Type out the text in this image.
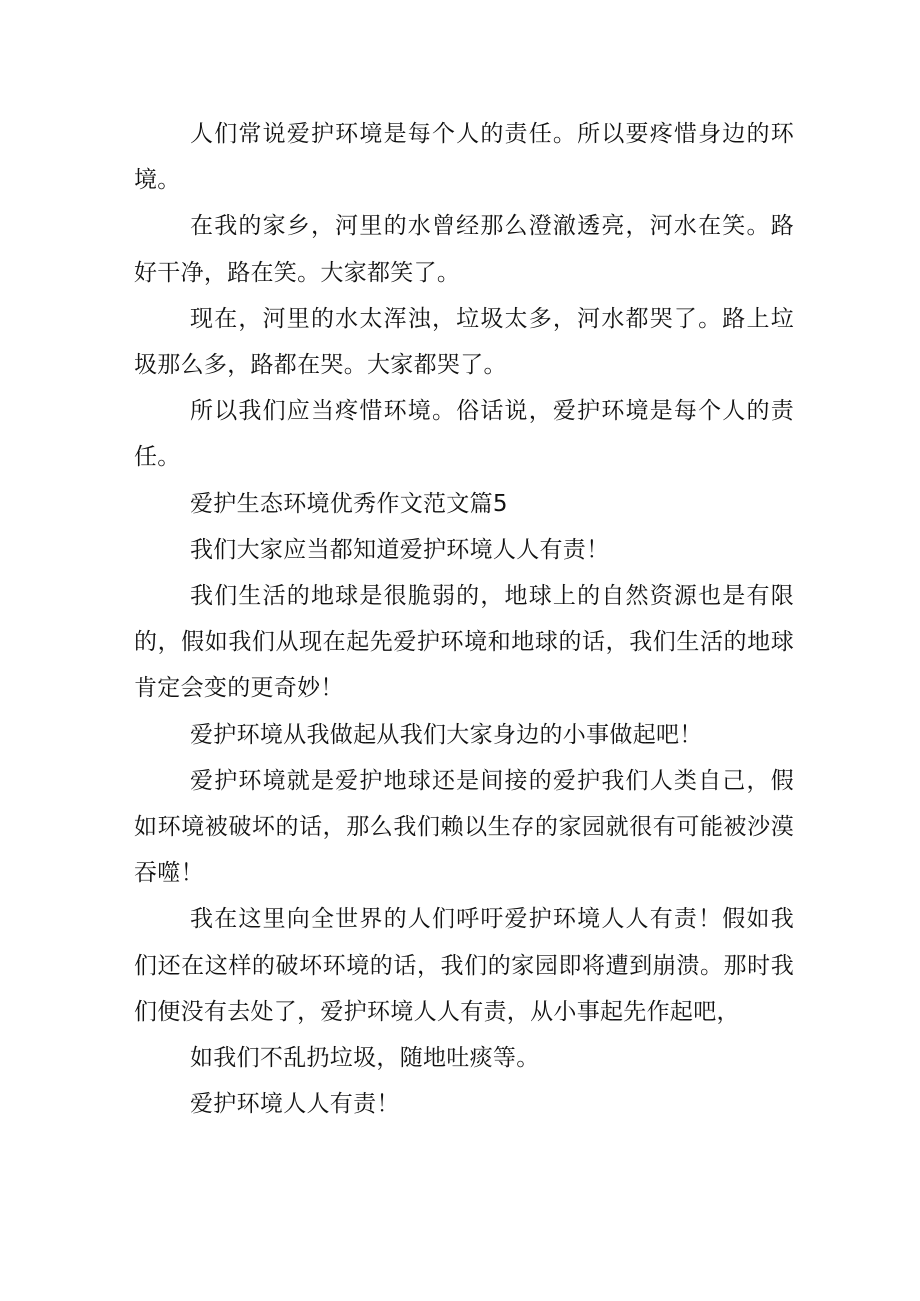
人们常说爱护环境是每个人的责任。所以要疼惜身边的环境。

在我的家乡，河里的水曾经那么澄澈透亮，河水在笑。路好干净，路在笑。大家都笑了。

现在，河里的水太浑浊，垃圾太多，河水都哭了。路上垃圾那么多，路都在哭。大家都哭了。

所以我们应当疼惜环境。俗话说，爱护环境是每个人的责任。

爱护生态环境优秀作文范文篇5

我们大家应当都知道爱护环境人人有责！

我们生活的地球是很脆弱的，地球上的自然资源也是有限的，假如我们从现在起先爱护环境和地球的话，我们生活的地球肯定会变的更奇妙！

爱护环境从我做起从我们大家身边的小事做起吧！

爱护环境就是爱护地球还是间接的爱护我们人类自己，假如环境被破坏的话，那么我们赖以生存的家园就很有可能被沙漠吞噬！

我在这里向全世界的人们呼吁爱护环境人人有责！假如我们还在这样的破坏环境的话，我们的家园即将遭到崩溃。那时我们便没有去处了，爱护环境人人有责，从小事起先作起吧，

如我们不乱扔垃圾，随地吐痰等。

爱护环境人人有责！
